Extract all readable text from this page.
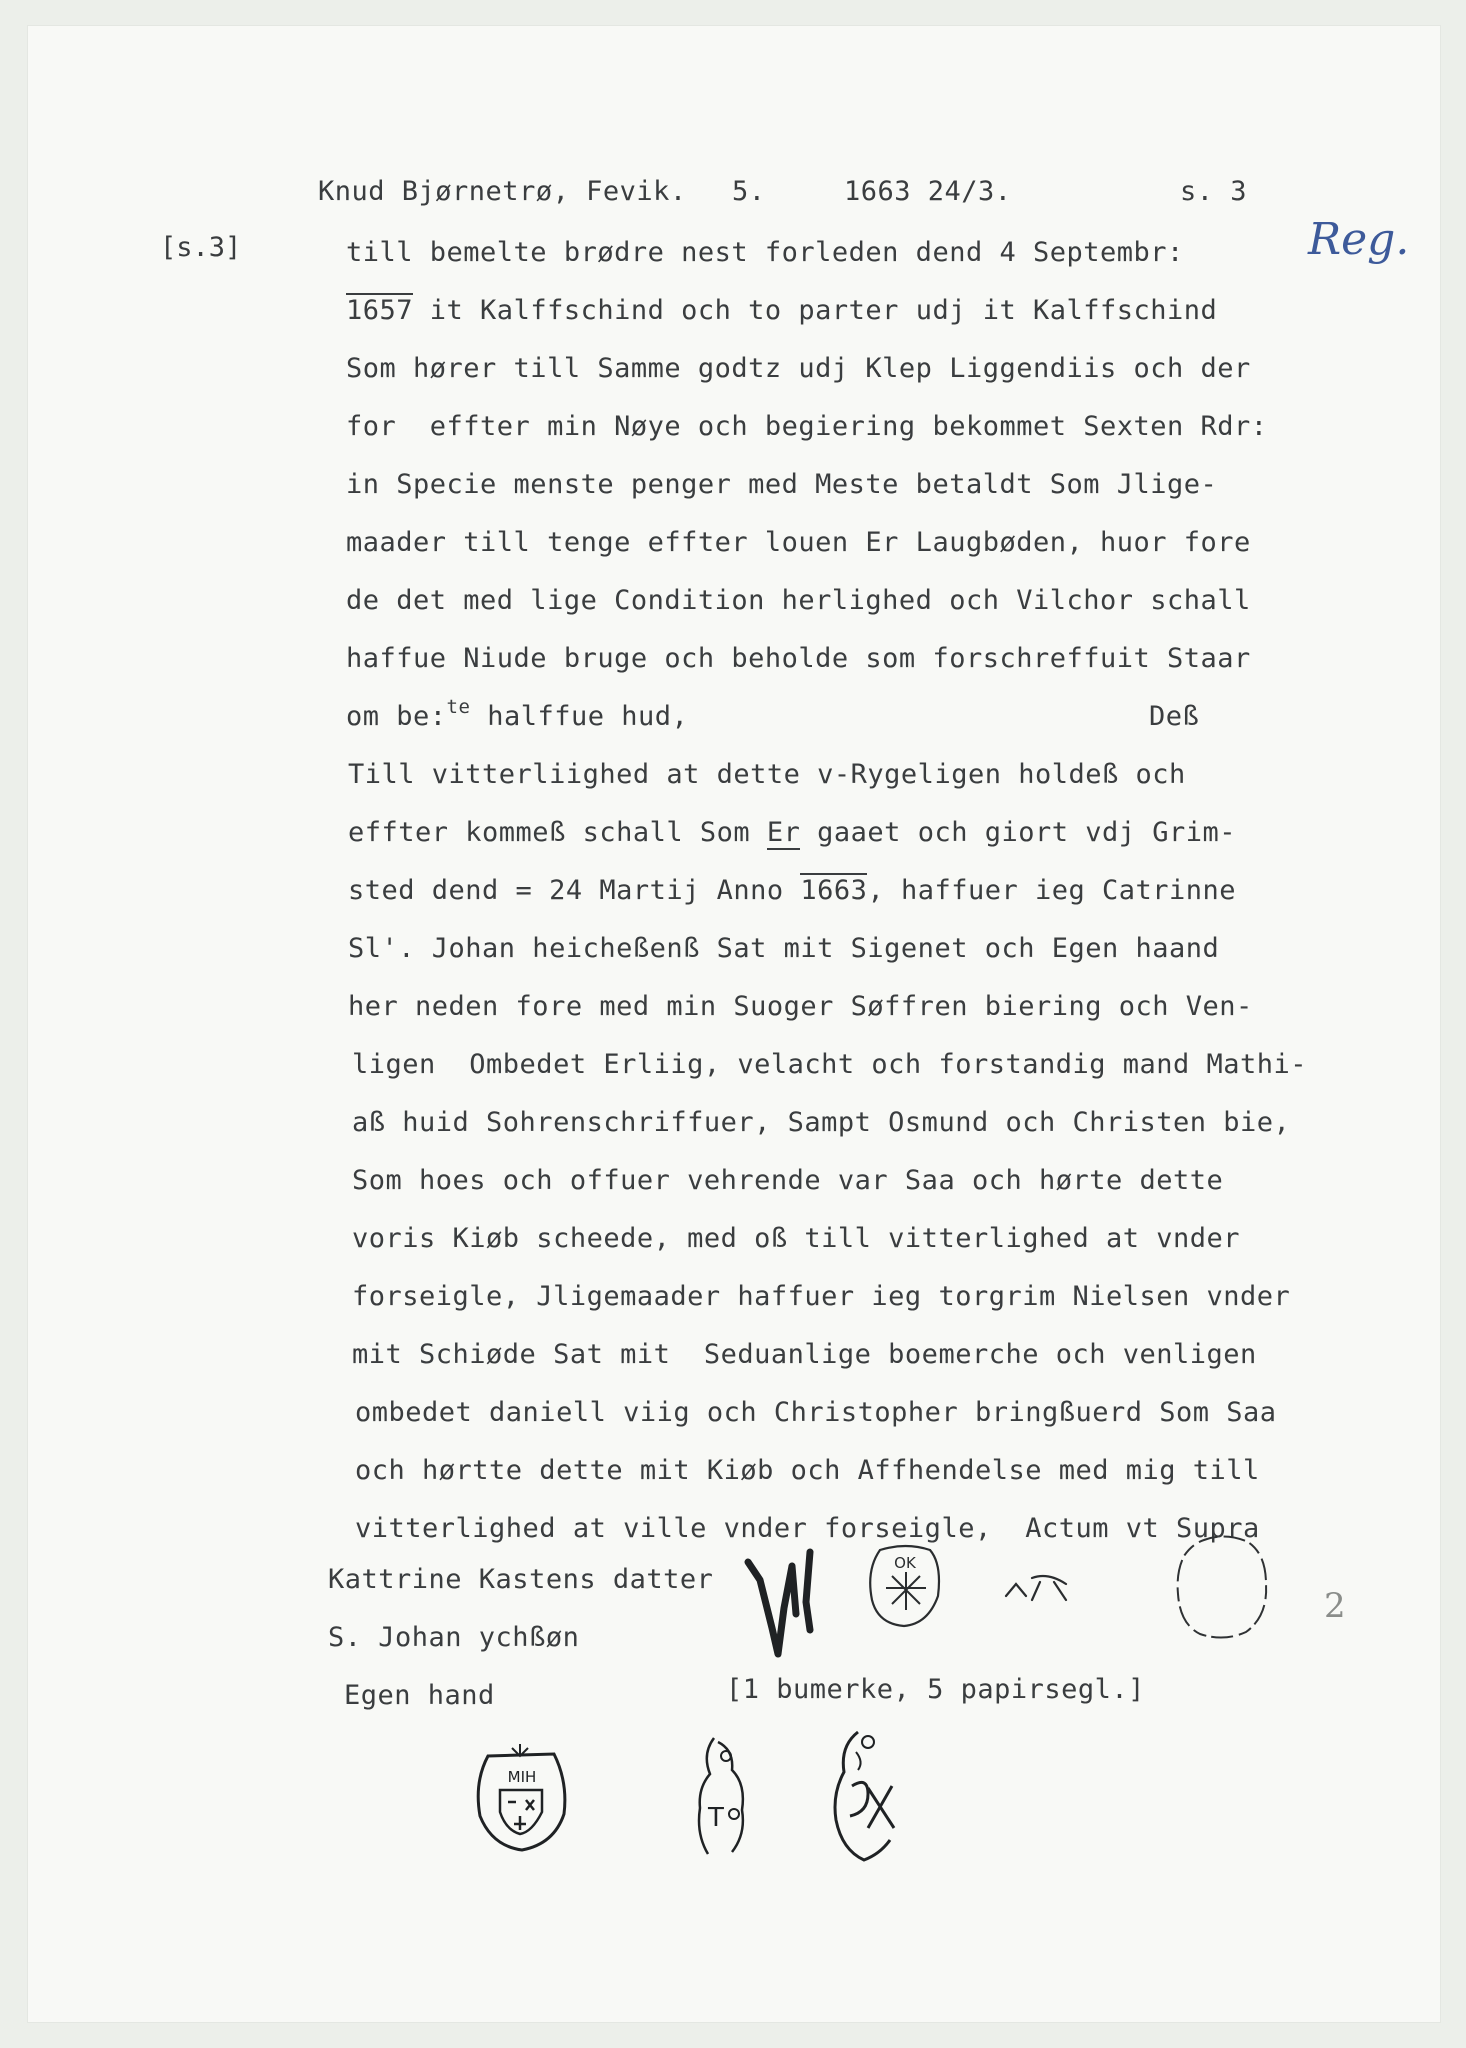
Knud Bjørnetrø, Fevik. 5.	1663 24/3.	s. 3
[s.3]	Reg.
till bemelte brødre nest forleden dend 4 Septembr:
1657 it Kalffschind och to parter udj it Kalffschind
Som hører till Samme godtz udj Klep Liggendiis och der
for  effter min Nøye och begiering bekommet Sexten Rdr:
in Specie menste penger med Meste betaldt Som Jlige-
maader till tenge effter louen Er Laugbøden, huor fore
de det med lige Condition herlighed och Vilchor schall
haffue Niude bruge och beholde som forschreffuit Staar
om be:$^{te}$ halffue hud,	Deß
Till vitterliighed at dette v-Rygeligen holdeß och
effter kommeß schall Som Er gaaet och giort vdj Grim-
sted dend = 24 Martij Anno 1663, haffuer ieg Catrinne
Sl'. Johan heicheßenß Sat mit Sigenet och Egen haand
her neden fore med min Suoger Søffren biering och Ven-
ligen  Ombedet Erliig, velacht och forstandig mand Mathi-
aß huid Sohrenschriffuer, Sampt Osmund och Christen bie,
Som hoes och offuer vehrende var Saa och hørte dette
voris Kiøb scheede, med oß till vitterlighed at vnder
forseigle, Jligemaader haffuer ieg torgrim Nielsen vnder
mit Schiøde Sat mit  Seduanlige boemerche och venligen
ombedet daniell viig och Christopher bringßuerd Som Saa
och hørtte dette mit Kiøb och Affhendelse med mig till
vitterlighed at ville vnder forseigle,  Actum vt Supra
Kattrine Kastens datter
S. Johan ychßøn
Egen hand	[1 bumerke, 5 papirsegl.]
OK
2
MIH
T
